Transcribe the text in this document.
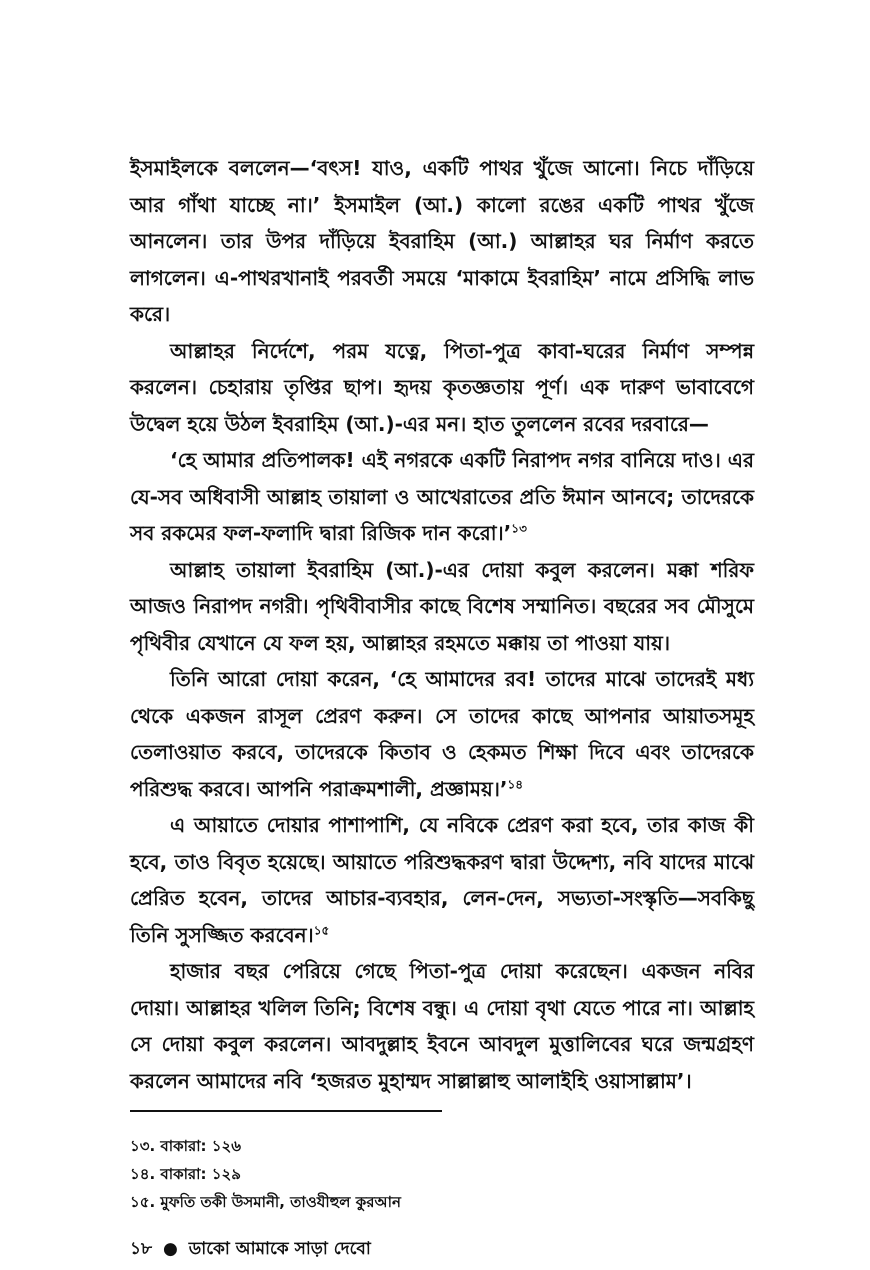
ইসমাইলকে বললেন—‘বৎস! যাও, একটি পাথর খুঁজে আনো। নিচে দাঁড়িয়ে আর গাঁথা যাচ্ছে না।’ ইসমাইল (আ.) কালো রঙের একটি পাথর খুঁজে আনলেন। তার উপর দাঁড়িয়ে ইবরাহিম (আ.) আল্লাহর ঘর নির্মাণ করতে লাগলেন। এ-পাথরখানাই পরবর্তী সময়ে ‘মাকামে ইবরাহিম’ নামে প্রসিদ্ধি লাভ করে।

আল্লাহর নির্দেশে, পরম যত্নে, পিতা-পুত্র কাবা-ঘরের নির্মাণ সম্পন্ন করলেন। চেহারায় তৃপ্তির ছাপ। হৃদয় কৃতজ্ঞতায় পূর্ণ। এক দারুণ ভাবাবেগে উদ্বেল হয়ে উঠল ইবরাহিম (আ.)-এর মন। হাত তুললেন রবের দরবারে—

‘হে আমার প্রতিপালক! এই নগরকে একটি নিরাপদ নগর বানিয়ে দাও। এর যে-সব অধিবাসী আল্লাহ তায়ালা ও আখেরাতের প্রতি ঈমান আনবে; তাদেরকে সব রকমের ফল-ফলাদি দ্বারা রিজিক দান করো।’$^{১৩}$

আল্লাহ তায়ালা ইবরাহিম (আ.)-এর দোয়া কবুল করলেন। মক্কা শরিফ আজও নিরাপদ নগরী। পৃথিবীবাসীর কাছে বিশেষ সম্মানিত। বছরের সব মৌসুমে পৃথিবীর যেখানে যে ফল হয়, আল্লাহর রহমতে মক্কায় তা পাওয়া যায়।

তিনি আরো দোয়া করেন, ‘হে আমাদের রব! তাদের মাঝে তাদেরই মধ্য থেকে একজন রাসূল প্রেরণ করুন। সে তাদের কাছে আপনার আয়াতসমূহ তেলাওয়াত করবে, তাদেরকে কিতাব ও হেকমত শিক্ষা দিবে এবং তাদেরকে পরিশুদ্ধ করবে। আপনি পরাক্রমশালী, প্রজ্ঞাময়।’$^{১৪}$

এ আয়াতে দোয়ার পাশাপাশি, যে নবিকে প্রেরণ করা হবে, তার কাজ কী হবে, তাও বিবৃত হয়েছে। আয়াতে পরিশুদ্ধকরণ দ্বারা উদ্দেশ্য, নবি যাদের মাঝে প্রেরিত হবেন, তাদের আচার-ব্যবহার, লেন-দেন, সভ্যতা-সংস্কৃতি—সবকিছু তিনি সুসজ্জিত করবেন।$^{১৫}$

হাজার বছর পেরিয়ে গেছে পিতা-পুত্র দোয়া করেছেন। একজন নবির দোয়া। আল্লাহর খলিল তিনি; বিশেষ বন্ধু। এ দোয়া বৃথা যেতে পারে না। আল্লাহ সে দোয়া কবুল করলেন। আবদুল্লাহ ইবনে আবদুল মুত্তালিবের ঘরে জন্মগ্রহণ করলেন আমাদের নবি ‘হজরত মুহাম্মদ সাল্লাল্লাহু আলাইহি ওয়াসাল্লাম’।

১৩. বাকারা: ১২৬
১৪. বাকারা: ১২৯
১৫. মুফতি তকী উসমানী, তাওযীহুল কুরআন
১৮ ● ডাকো আমাকে সাড়া দেবো
